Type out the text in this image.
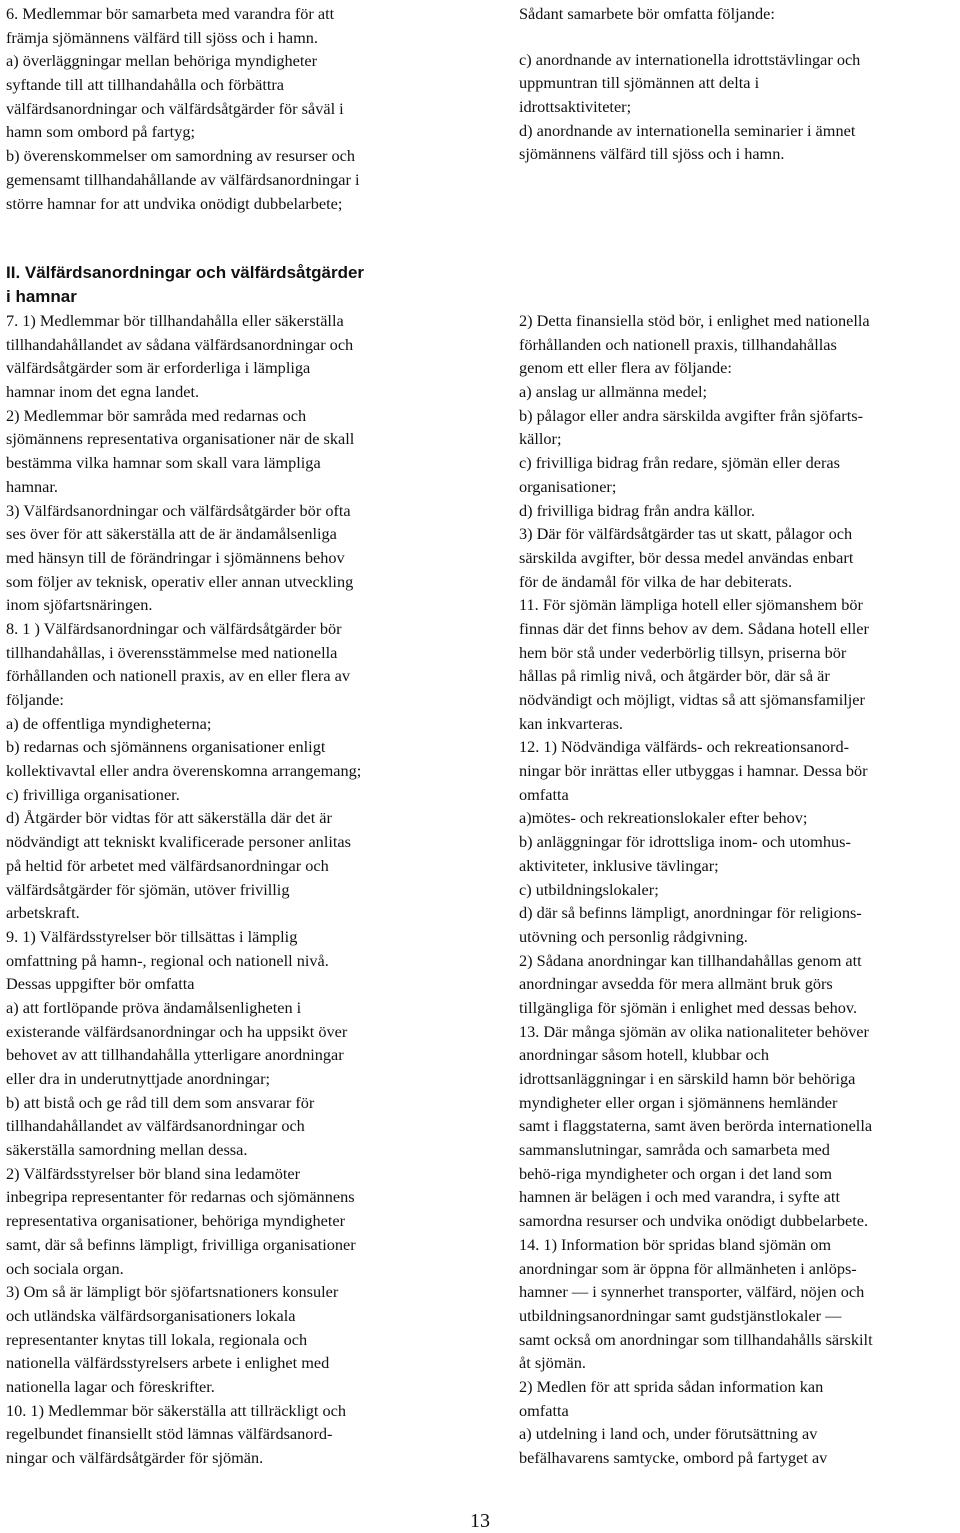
6. Medlemmar bör samarbeta med varandra för att
främja sjömännens välfärd till sjöss och i hamn.
a) överläggningar mellan behöriga myndigheter
syftande till att tillhandahålla och förbättra
välfärdsanordningar och välfärdsåtgärder för såväl i
hamn som ombord på fartyg;
b) överenskommelser om samordning av resurser och
gemensamt tillhandahållande av välfärdsanordningar i
större hamnar for att undvika onödigt dubbelarbete;
Sådant samarbete bör omfatta följande:
c) anordnande av internationella idrottstävlingar och
uppmuntran till sjömännen att delta i
idrottsaktiviteter;
d) anordnande av internationella seminarier i ämnet
sjömännens välfärd till sjöss och i hamn.
II. Välfärdsanordningar och välfärdsåtgärder
i hamnar
7. 1) Medlemmar bör tillhandahålla eller säkerställa
tillhandahållandet av sådana välfärdsanordningar och
välfärdsåtgärder som är erforderliga i lämpliga
hamnar inom det egna landet.
2) Medlemmar bör samråda med redarnas och
sjömännens representativa organisationer när de skall
bestämma vilka hamnar som skall vara lämpliga
hamnar.
3) Välfärdsanordningar och välfärdsåtgärder bör ofta
ses över för att säkerställa att de är ändamålsenliga
med hänsyn till de förändringar i sjömännens behov
som följer av teknisk, operativ eller annan utveckling
inom sjöfartsnäringen.
8. 1 ) Välfärdsanordningar och välfärdsåtgärder bör
tillhandahållas, i överensstämmelse med nationella
förhållanden och nationell praxis, av en eller flera av
följande:
a) de offentliga myndigheterna;
b) redarnas och sjömännens organisationer enligt
kollektivavtal eller andra överenskomna arrangemang;
c) frivilliga organisationer.
d) Åtgärder bör vidtas för att säkerställa där det är
nödvändigt att tekniskt kvalificerade personer anlitas
på heltid för arbetet med välfärdsanordningar och
välfärdsåtgärder för sjömän, utöver frivillig
arbetskraft.
9. 1) Välfärdsstyrelser bör tillsättas i lämplig
omfattning på hamn-, regional och nationell nivå.
Dessas uppgifter bör omfatta
a) att fortlöpande pröva ändamålsenligheten i
existerande välfärdsanordningar och ha uppsikt över
behovet av att tillhandahålla ytterligare anordningar
eller dra in underutnyttjade anordningar;
b) att bistå och ge råd till dem som ansvarar för
tillhandahållandet av välfärdsanordningar och
säkerställa samordning mellan dessa.
2) Välfärdsstyrelser bör bland sina ledamöter
inbegripa representanter för redarnas och sjömännens
representativa organisationer, behöriga myndigheter
samt, där så befinns lämpligt, frivilliga organisationer
och sociala organ.
3) Om så är lämpligt bör sjöfartsnationers konsuler
och utländska välfärdsorganisationers lokala
representanter knytas till lokala, regionala och
nationella välfärdsstyrelsers arbete i enlighet med
nationella lagar och föreskrifter.
10. 1) Medlemmar bör säkerställa att tillräckligt och
regelbundet finansiellt stöd lämnas välfärdsanord-
ningar och välfärdsåtgärder för sjömän.
2) Detta finansiella stöd bör, i enlighet med nationella
förhållanden och nationell praxis, tillhandahållas
genom ett eller flera av följande:
a) anslag ur allmänna medel;
b) pålagor eller andra särskilda avgifter från sjöfarts-
källor;
c) frivilliga bidrag från redare, sjömän eller deras
organisationer;
d) frivilliga bidrag från andra källor.
3) Där för välfärdsåtgärder tas ut skatt, pålagor och
särskilda avgifter, bör dessa medel användas enbart
för de ändamål för vilka de har debiterats.
11. För sjömän lämpliga hotell eller sjömanshem bör
finnas där det finns behov av dem. Sådana hotell eller
hem bör stå under vederbörlig tillsyn, priserna bör
hållas på rimlig nivå, och åtgärder bör, där så är
nödvändigt och möjligt, vidtas så att sjömansfamiljer
kan inkvarteras.
12. 1) Nödvändiga välfärds- och rekreationsanord-
ningar bör inrättas eller utbyggas i hamnar. Dessa bör
omfatta
a)mötes- och rekreationslokaler efter behov;
b) anläggningar för idrottsliga inom- och utomhus-
aktiviteter, inklusive tävlingar;
c) utbildningslokaler;
d) där så befinns lämpligt, anordningar för religions-
utövning och personlig rådgivning.
2) Sådana anordningar kan tillhandahållas genom att
anordningar avsedda för mera allmänt bruk görs
tillgängliga för sjömän i enlighet med dessas behov.
13. Där många sjömän av olika nationaliteter behöver
anordningar såsom hotell, klubbar och
idrottsanläggningar i en särskild hamn bör behöriga
myndigheter eller organ i sjömännens hemländer
samt i flaggstaterna, samt även berörda internationella
sammanslutningar, samråda och samarbeta med
behö-riga myndigheter och organ i det land som
hamnen är belägen i och med varandra, i syfte att
samordna resurser och undvika onödigt dubbelarbete.
14. 1) Information bör spridas bland sjömän om
anordningar som är öppna för allmänheten i anlöps-
hamner — i synnerhet transporter, välfärd, nöjen och
utbildningsanordningar samt gudstjänstlokaler —
samt också om anordningar som tillhandahålls särskilt
åt sjömän.
2) Medlen för att sprida sådan information kan
omfatta
a) utdelning i land och, under förutsättning av
befälhavarens samtycke, ombord på fartyget av
13
